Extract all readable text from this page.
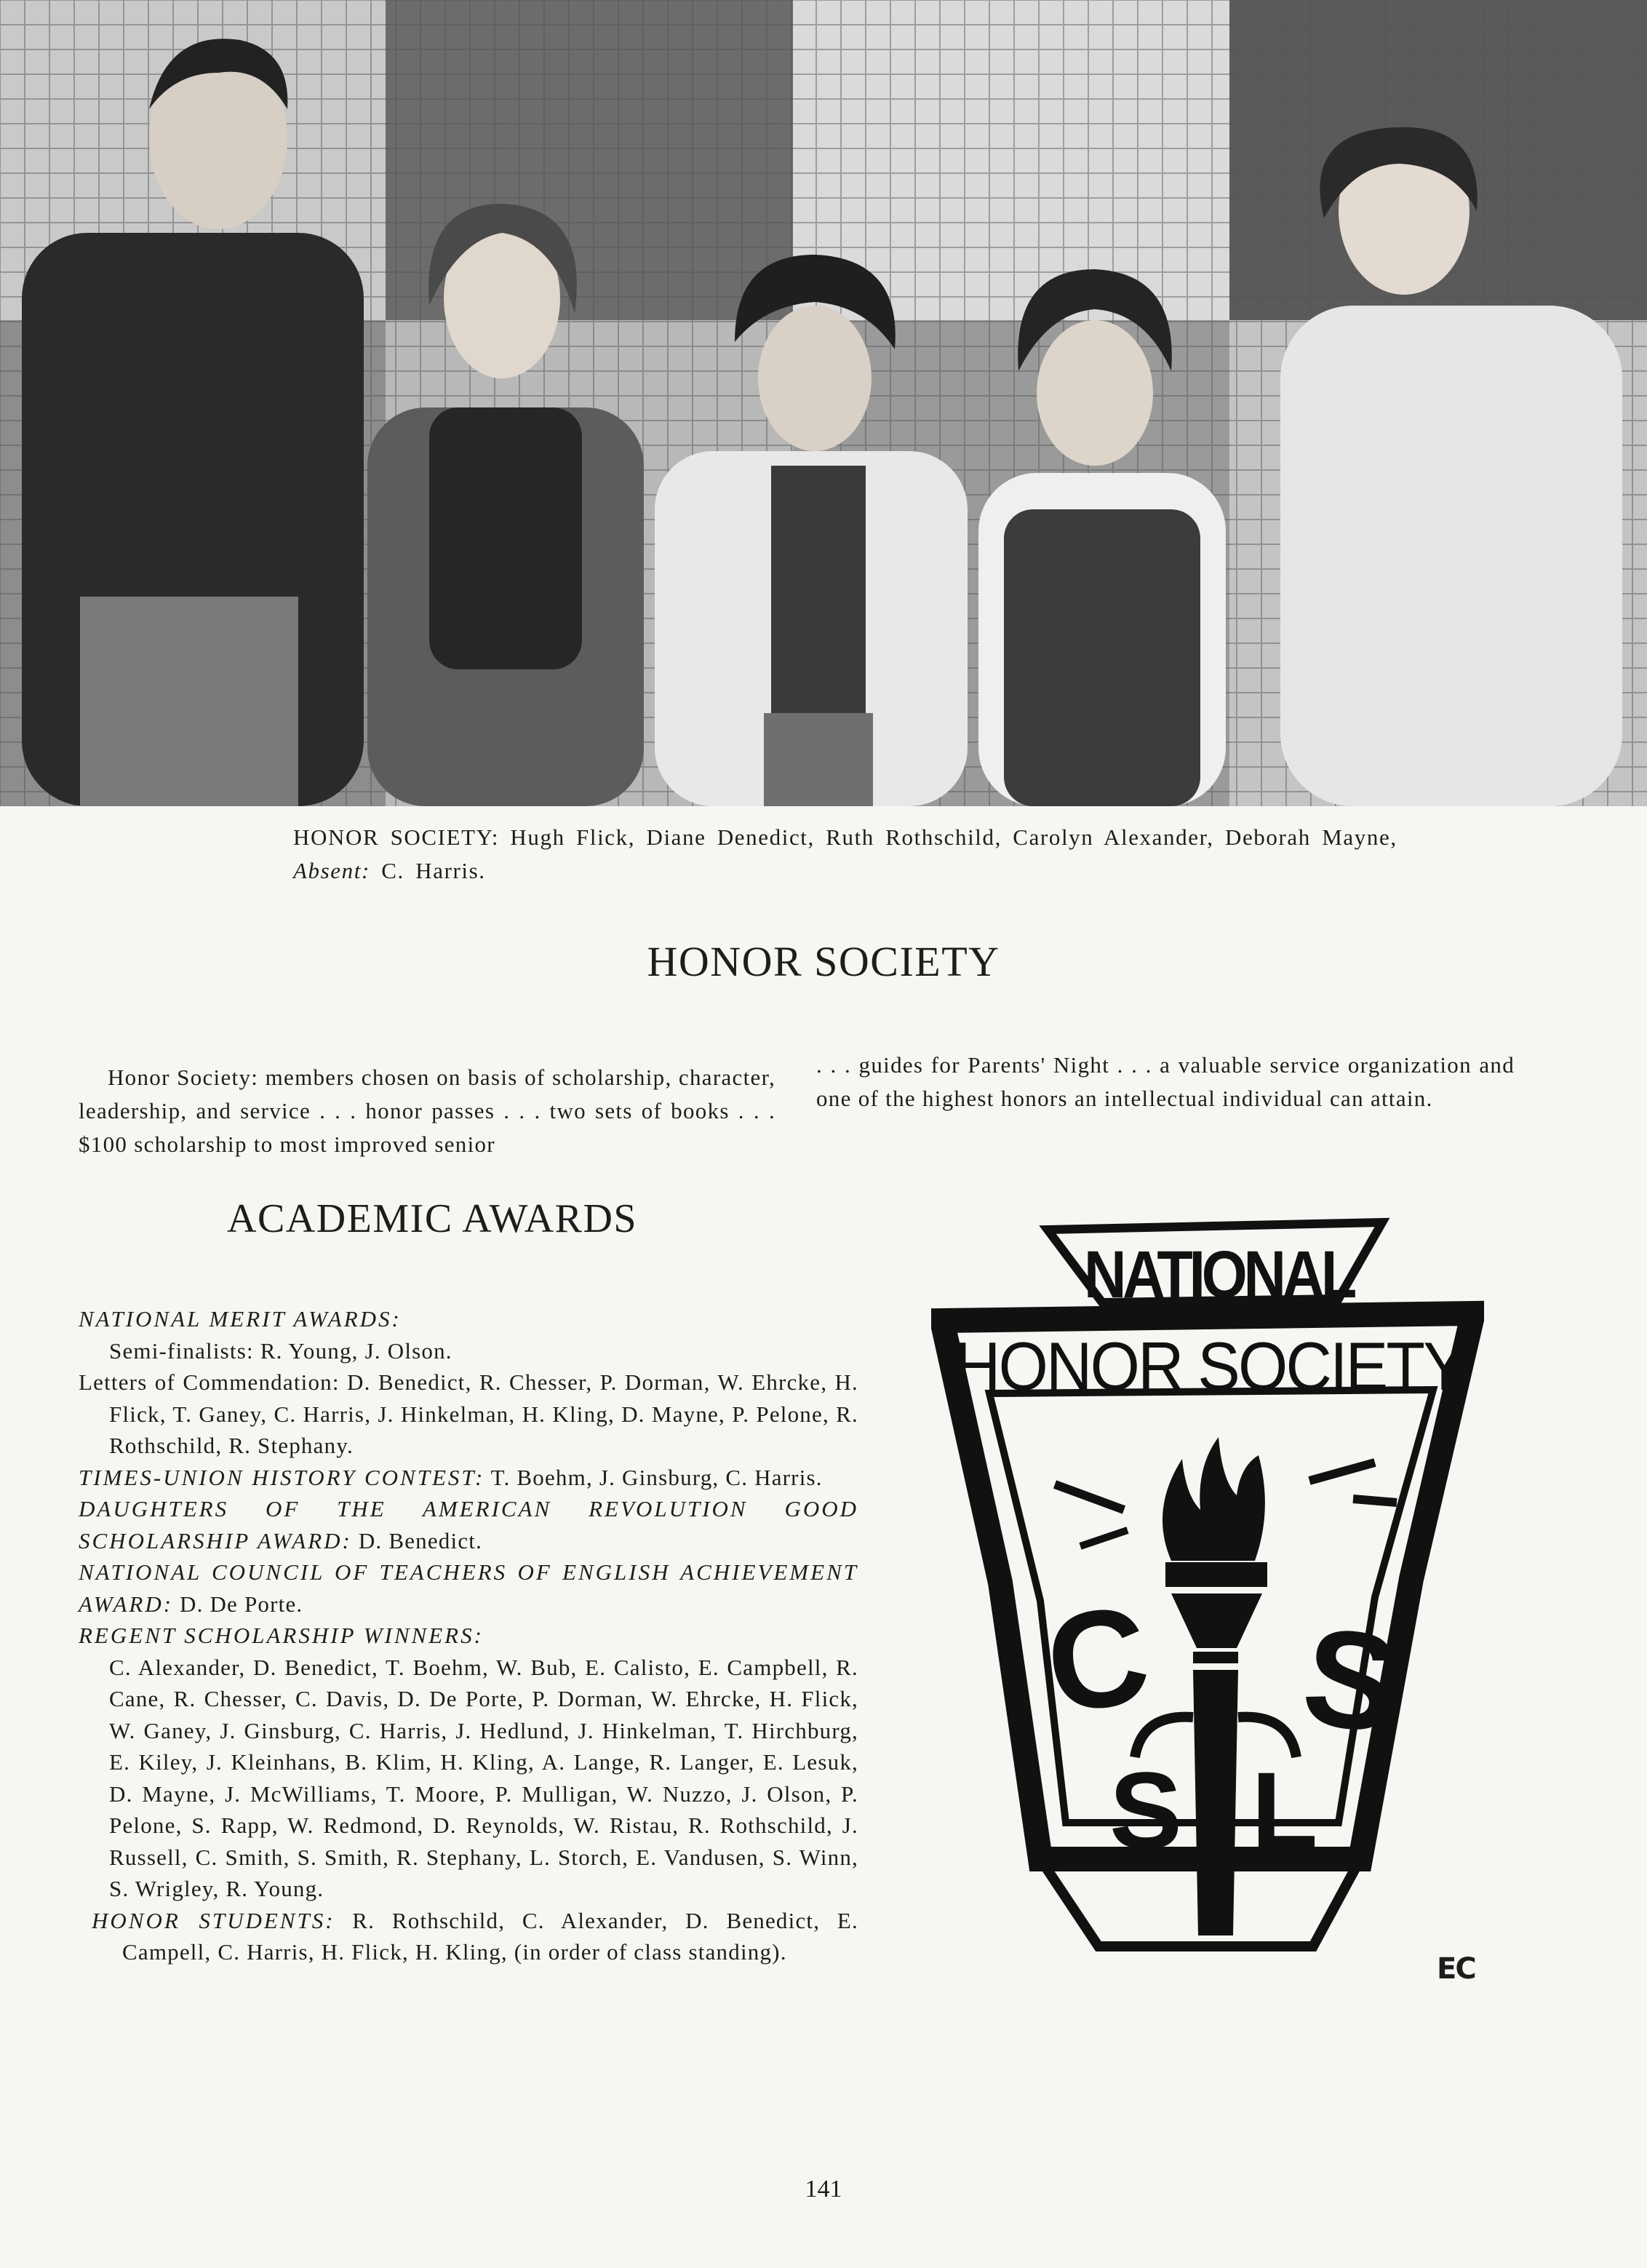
HONOR SOCIETY: Hugh Flick, Diane Denedict, Ruth Rothschild, Carolyn Alexander, Deborah Mayne, Absent: C. Harris.
HONOR SOCIETY

Honor Society: members chosen on basis of scholarship, character, leadership, and service . . . honor passes . . . two sets of books . . . $100 scholarship to most improved senior

. . . guides for Parents' Night . . . a valuable service organization and one of the highest honors an intellectual individual can attain.

ACADEMIC AWARDS

NATIONAL MERIT AWARDS:

Semi-finalists: R. Young, J. Olson.

Letters of Commendation: D. Benedict, R. Chesser, P. Dorman, W. Ehrcke, H. Flick, T. Ganey, C. Harris, J. Hinkelman, H. Kling, D. Mayne, P. Pelone, R. Rothschild, R. Stephany.

TIMES-UNION HISTORY CONTEST: T. Boehm, J. Ginsburg, C. Harris.

DAUGHTERS OF THE AMERICAN REVOLUTION GOOD SCHOLARSHIP AWARD: D. Benedict.

NATIONAL COUNCIL OF TEACHERS OF ENGLISH ACHIEVEMENT AWARD: D. De Porte.

REGENT SCHOLARSHIP WINNERS:

C. Alexander, D. Benedict, T. Boehm, W. Bub, E. Calisto, E. Campbell, R. Cane, R. Chesser, C. Davis, D. De Porte, P. Dorman, W. Ehrcke, H. Flick, W. Ganey, J. Ginsburg, C. Harris, J. Hedlund, J. Hinkelman, T. Hirchburg, E. Kiley, J. Kleinhans, B. Klim, H. Kling, A. Lange, R. Langer, E. Lesuk, D. Mayne, J. McWilliams, T. Moore, P. Mulligan, W. Nuzzo, J. Olson, P. Pelone, S. Rapp, W. Redmond, D. Reynolds, W. Ristau, R. Rothschild, J. Russell, C. Smith, S. Smith, R. Stephany, L. Storch, E. Vandusen, S. Winn, S. Wrigley, R. Young.

HONOR STUDENTS: R. Rothschild, C. Alexander, D. Benedict, E. Campell, C. Harris, H. Flick, H. Kling, (in order of class standing).

NATIONAL
HONOR SOCIETY
C
S L
S
EC
141
